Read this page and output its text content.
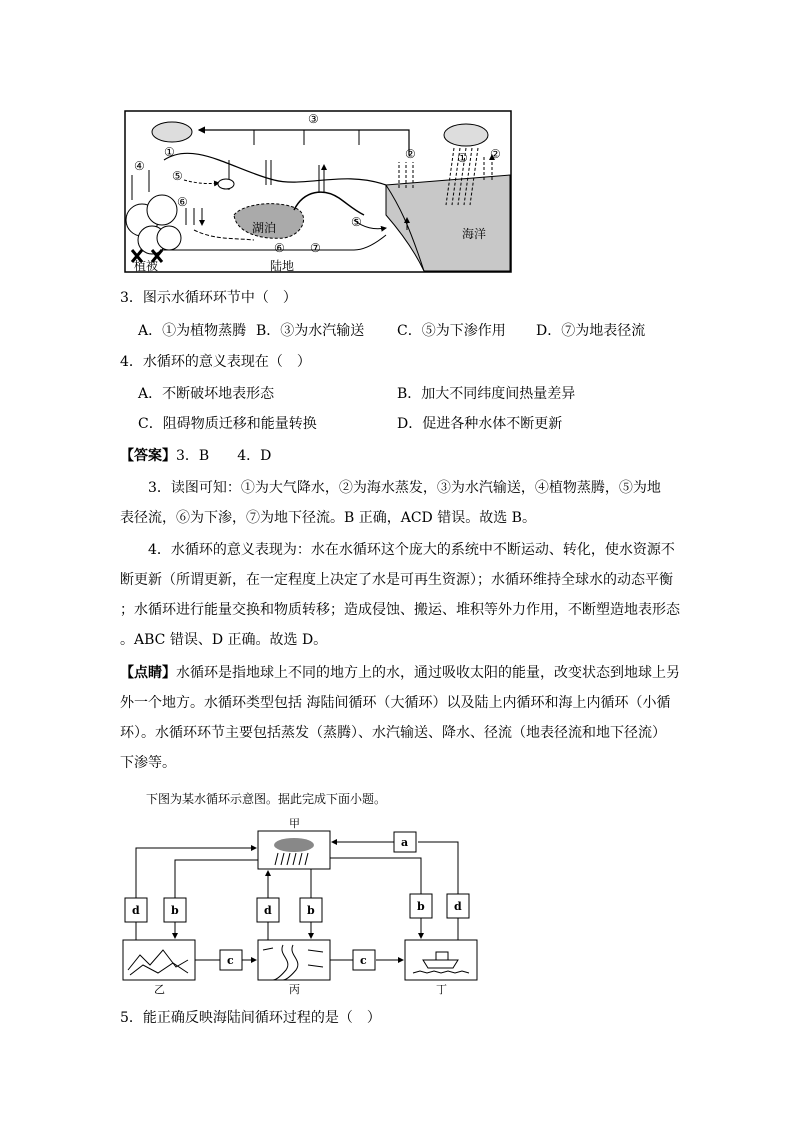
①	②
③
① ②
④
⑤
⑥
⑤
⑥ ⑦
湖泊	海洋
植被	陆地
3．图示水循环环节中（　）
A．①为植物蒸腾 B．③为水汽输送 C．⑤为下渗作用 D．⑦为地表径流
4．水循环的意义表现在（　）
A．不断破坏地表形态	B．加大不同纬度间热量差异
C．阻碍物质迁移和能量转换	D．促进各种水体不断更新
【答案】3．B　　4．D
3．读图可知：①为大气降水，②为海水蒸发，③为水汽输送，④植物蒸腾，⑤为地
表径流，⑥为下渗，⑦为地下径流。B 正确，ACD 错误。故选 B。
4．水循环的意义表现为：水在水循环这个庞大的系统中不断运动、转化，使水资源不
断更新（所谓更新，在一定程度上决定了水是可再生资源）；水循环维持全球水的动态平衡
；水循环进行能量交换和物质转移；造成侵蚀、搬运、堆积等外力作用，不断塑造地表形态
。ABC 错误、D 正确。故选 D。
【点睛】水循环是指地球上不同的地方上的水，通过吸收太阳的能量，改变状态到地球上另
外一个地方。水循环类型包括 海陆间循环（大循环）以及陆上内循环和海上内循环（小循
环）。水循环环节主要包括蒸发（蒸腾）、水汽输送、降水、径流（地表径流和地下径流）
下渗等。
下图为某水循环示意图。据此完成下面小题。
甲
乙	丙	丁
a
d	b	d	b	b	d
c	c
5．能正确反映海陆间循环过程的是（　）
